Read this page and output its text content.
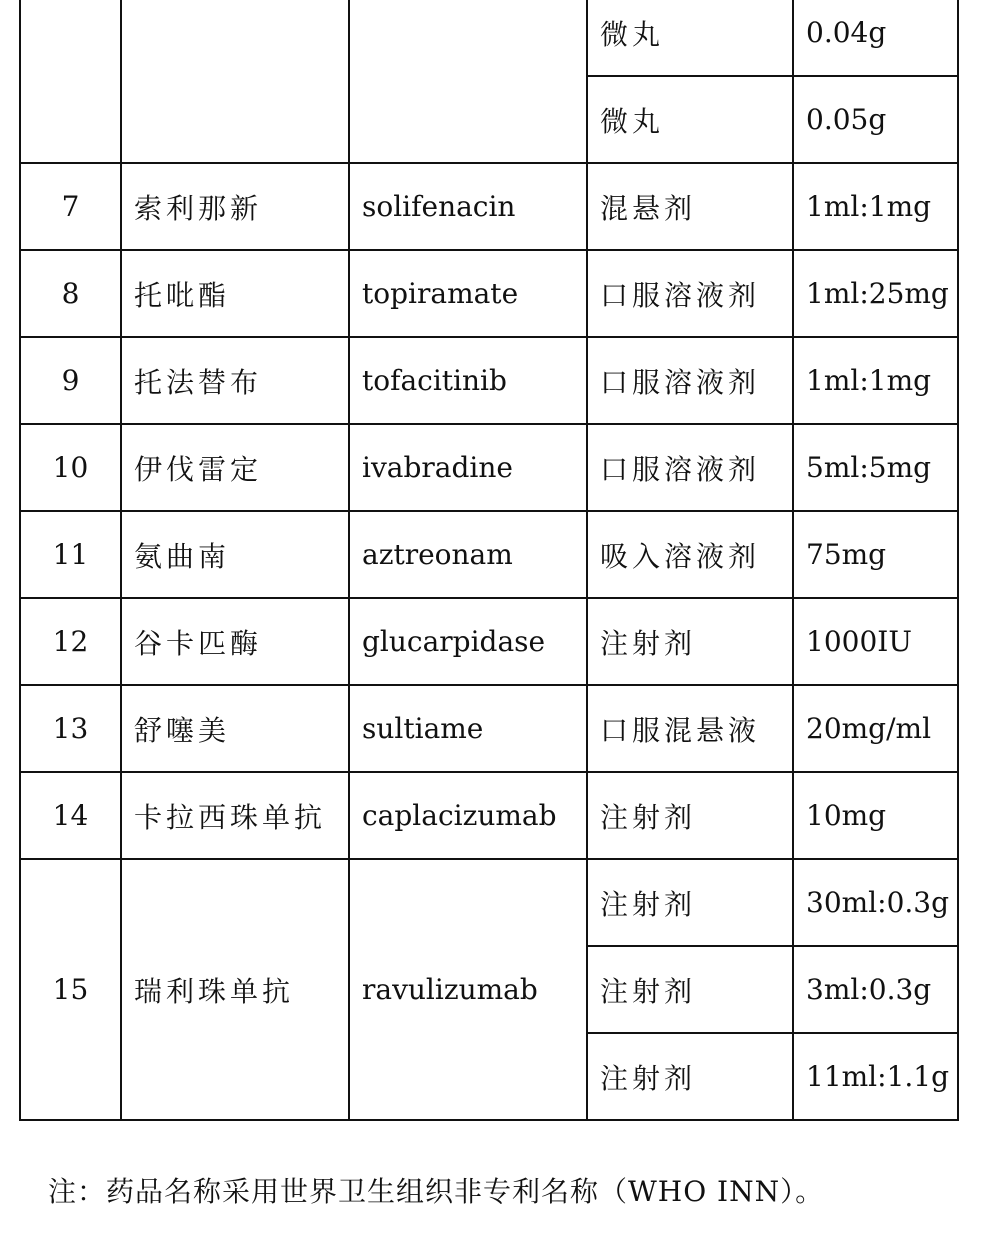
			微丸	0.04g
			微丸	0.05g
7	索利那新	solifenacin	混悬剂	1ml:1mg
8	托吡酯	topiramate	口服溶液剂	1ml:25mg
9	托法替布	tofacitinib	口服溶液剂	1ml:1mg
10	伊伐雷定	ivabradine	口服溶液剂	5ml:5mg
11	氨曲南	aztreonam	吸入溶液剂	75mg
12	谷卡匹酶	glucarpidase	注射剂	1000IU
13	舒噻美	sultiame	口服混悬液	20mg/ml
14	卡拉西珠单抗	caplacizumab	注射剂	10mg
15	瑞利珠单抗	ravulizumab	注射剂	30ml:0.3g
			注射剂	3ml:0.3g
			注射剂	11ml:1.1g
注：药品名称采用世界卫生组织非专利名称（WHO INN）。
